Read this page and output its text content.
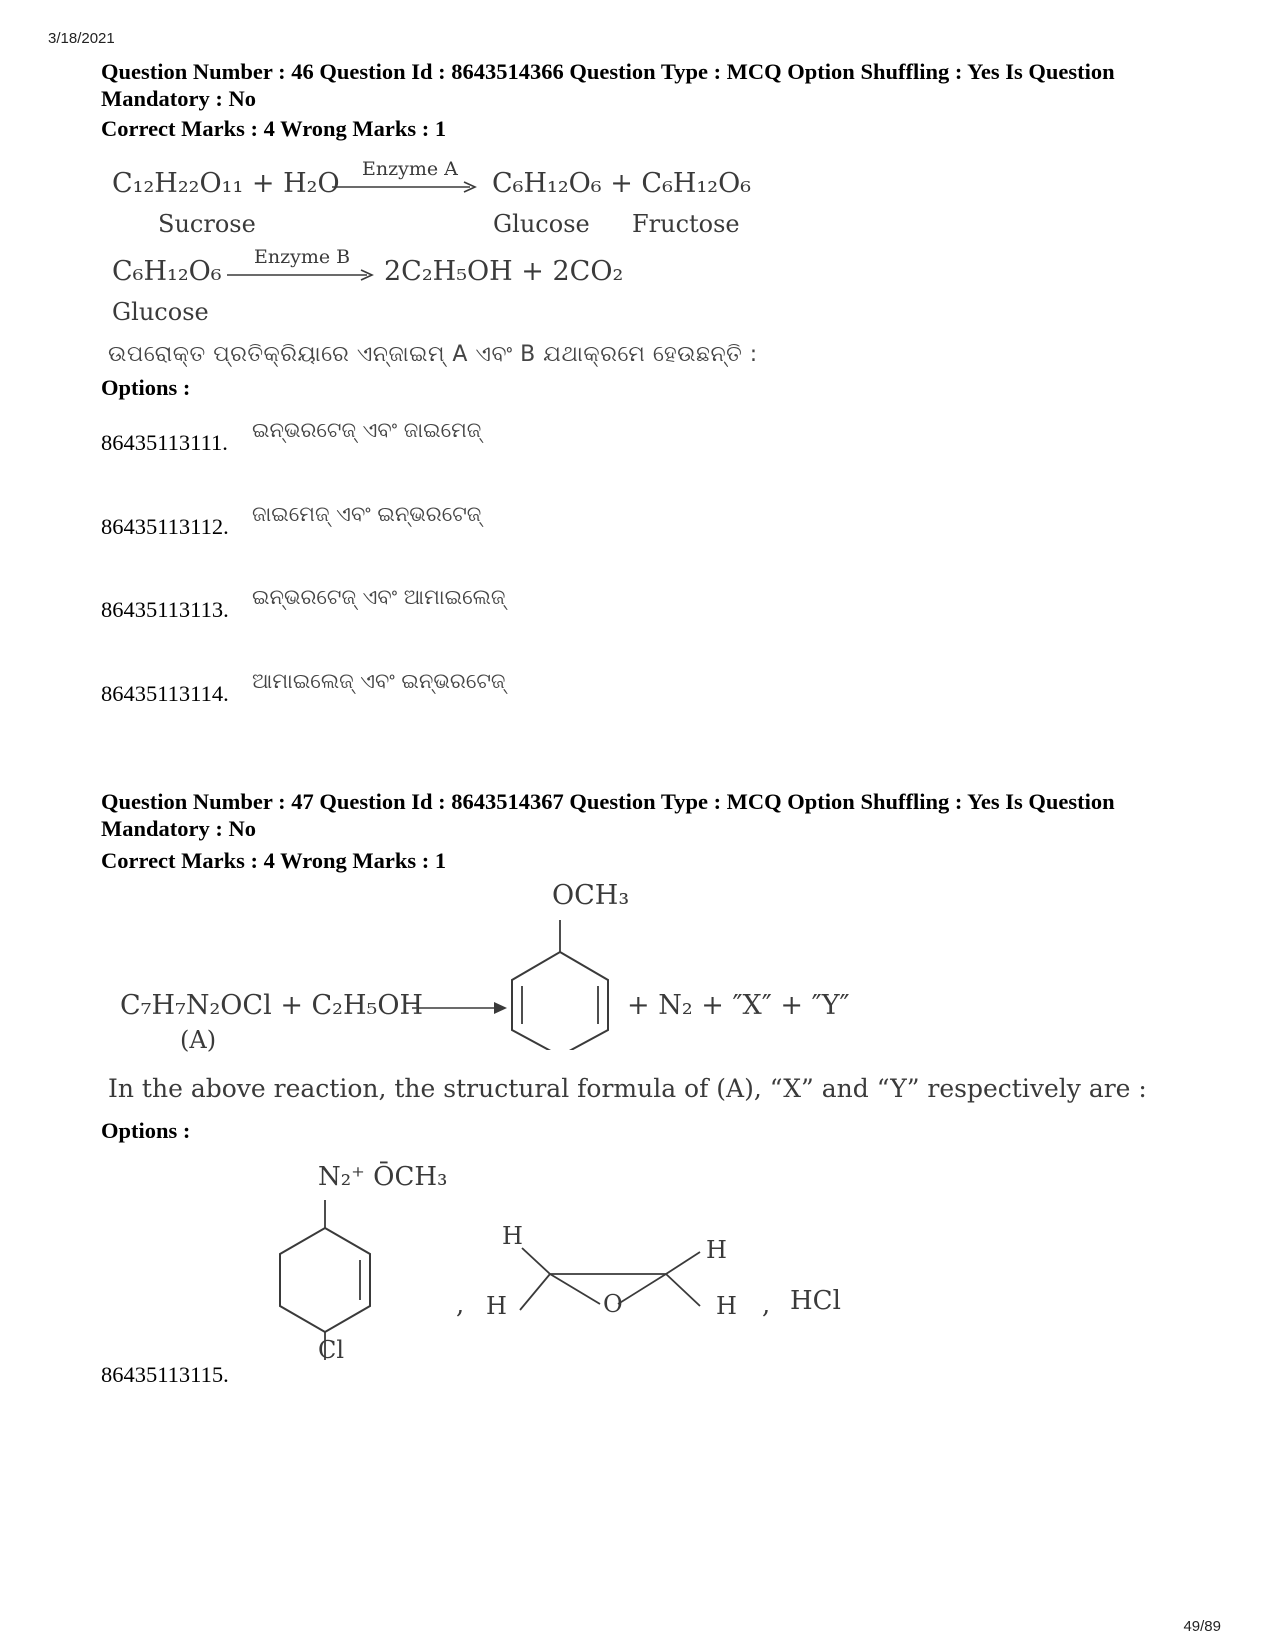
3/18/2021
Question Number : 46 Question Id : 8643514366 Question Type : MCQ Option Shuffling : Yes Is Question Mandatory : No
Correct Marks : 4 Wrong Marks : 1
C₁₂H₂₂O₁₁ + H₂O Enzyme A C₆H₁₂O₆ + C₆H₁₂O₆
Sucrose	Glucose Fructose
C₆H₁₂O₆ Enzyme B 2C₂H₅OH + 2CO₂
Glucose
ଉପରୋକ୍ତ ପ୍ରତିକ୍ରିୟାରେ ଏନ୍‌ଜାଇମ୍ A ଏବଂ B ଯଥାକ୍ରମେ ହେଉଛନ୍ତି :
Options :
86435113111. ଇନ୍‌ଭରଟେଜ୍ ଏବଂ ଜାଇମେଜ୍
86435113112. ଜାଇମେଜ୍ ଏବଂ ଇନ୍‌ଭରଟେଜ୍
86435113113. ଇନ୍‌ଭରଟେଜ୍ ଏବଂ ଆମାଇଲେଜ୍
86435113114. ଆମାଇଲେଜ୍ ଏବଂ ଇନ୍‌ଭରଟେଜ୍
Question Number : 47 Question Id : 8643514367 Question Type : MCQ Option Shuffling : Yes Is Question Mandatory : No
Correct Marks : 4 Wrong Marks : 1
C₇H₇N₂OCl + C₂H₅OH
(A)
OCH₃
+ N₂ + ″X″ + ″Y″
In the above reaction, the structural formula of (A), “X” and “Y” respectively are :
Options :
N₂⁺ ŌCH₃
Cl
,
H
H	O
H
H , HCl
86435113115.
49/89
